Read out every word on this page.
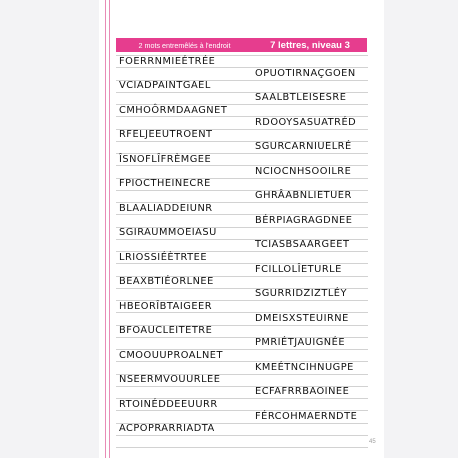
2 mots entremêlés à l'endroit	7 lettres, niveau 3
FOERRNMIEÉTRÉE
OPUOTIRNAÇGOEN
VCIADPAINTGAEL
SAALBTLEISESRE
CMHOÔRMDAAGNET
RDOOYSASUATRÉD
RFELJEEUTROENT
SGURCARNIUELRÉ
ÎSNOFLÎFRÈMGEE
NCIOCNHSOOILRE
FPIOCTHEINECRE
GHRÂABNLIETUER
BLAALIADDEIUNR
BÉRPIAGRAGDNEE
SGIRAUMMOEIASU
TCIASBSAARGEET
LRIOSSIÉÈTRTEE
FCILLOLÎETURLE
BEAXBTIÉORLNEE
SGURRIDZIZTLÉY
HBEORÎBTAIGEER
DMEISXSTEUIRNE
BFOAUCLEITETRE
PMRIÉTJAUIGNÉE
CMOOUUPROALNET
KMEÉTNCIHNUGPE
NSEERMVOUURLEE
ECFAFRRBAOINEE
RTOINÉDDEEUURR
FÉRCOHMAERNDTE
ACPOPRARRIADTA
45
